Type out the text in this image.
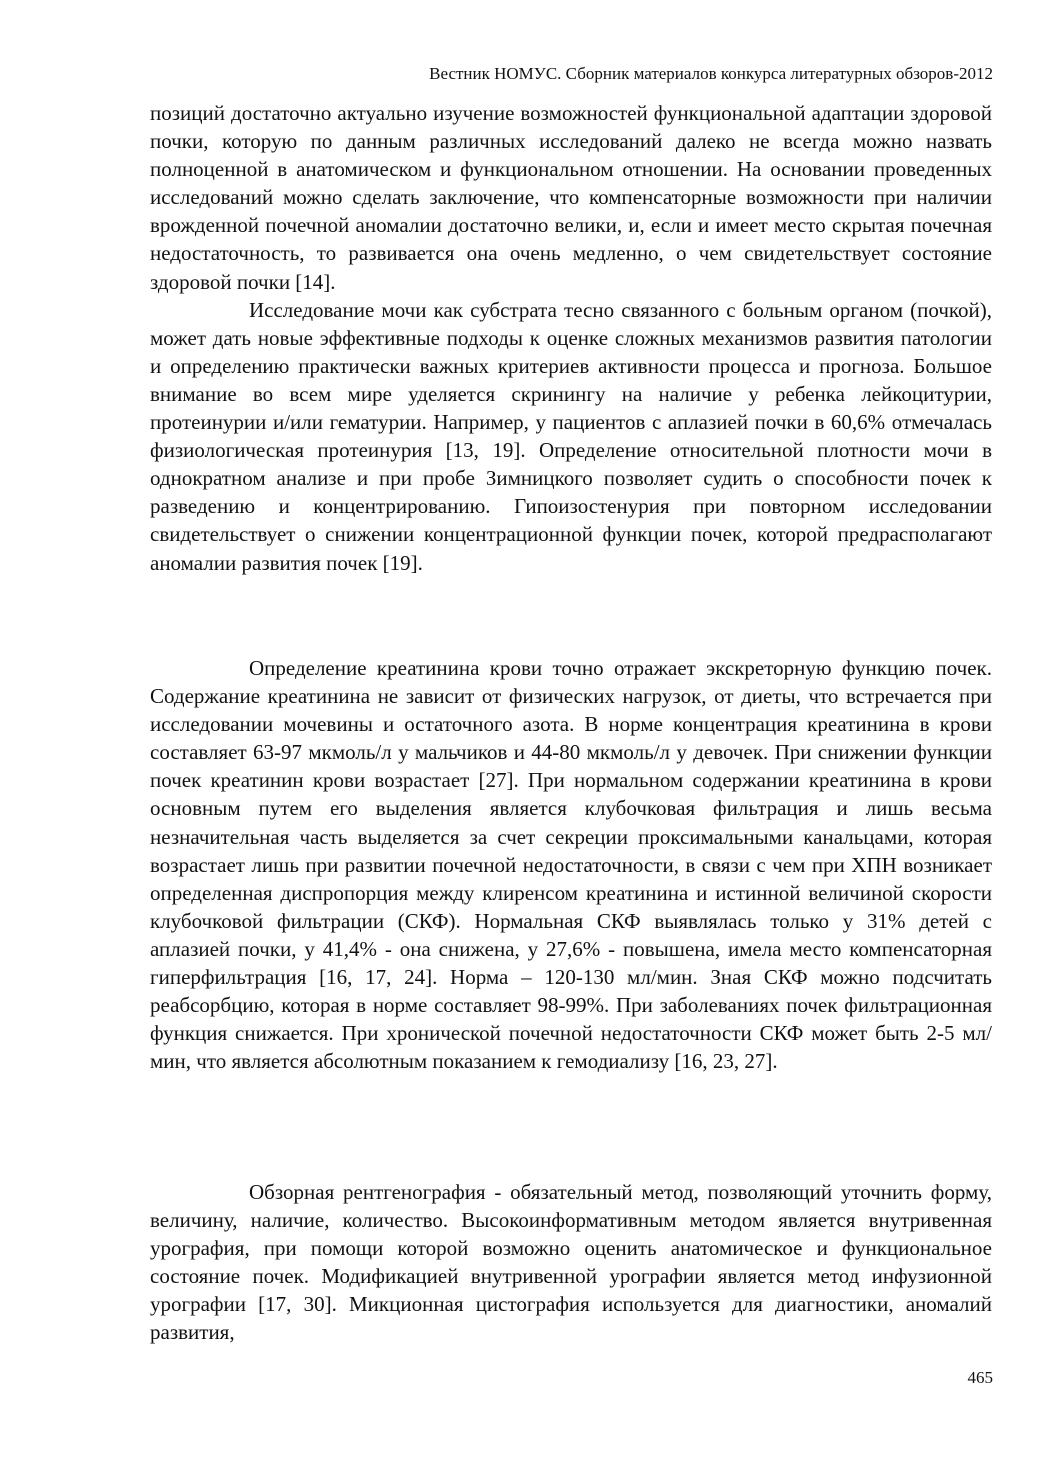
Вестник НОМУС. Сборник материалов конкурса литературных обзоров-2012

позиций достаточно актуально изучение возможностей функциональной адаптации здоровой почки, которую по данным различных исследований далеко не всегда можно назвать полноценной в анатомическом и функциональном отношении. На основании проведенных исследований можно сделать заключение, что компенсаторные возможности при наличии врожденной почечной аномалии достаточно велики, и, если и имеет место скрытая почечная недостаточность, то развивается она очень медленно, о чем свидетельствует состояние здоровой почки [14].

Исследование мочи как субстрата тесно связанного с больным органом (почкой), может дать новые эффективные подходы к оценке сложных механизмов развития патологии и определению практически важных критериев активности процесса и прогноза. Большое внимание во всем мире уделяется скринингу на наличие у ребенка лейкоцитурии, протеинурии и/или гематурии. Например, у пациентов с аплазией почки в 60,6% отмечалась физиологическая протеинурия [13, 19]. Определение относительной плотности мочи в однократном анализе и при пробе Зимницкого позволяет судить о способности почек к разведению и концентрированию. Гипоизостенурия при повторном исследовании свидетельствует о снижении концентрационной функции почек, которой предрасполагают аномалии развития почек [19].

Определение креатинина крови точно отражает экскреторную функцию почек. Содержание креатинина не зависит от физических нагрузок, от диеты, что встречается при исследовании мочевины и остаточного азота. В норме концентрация креатинина в крови составляет 63-97 мкмоль/л у мальчиков и 44-80 мкмоль/л у девочек. При снижении функции почек креатинин крови возрастает [27]. При нормальном содержании креатинина в крови основным путем его выделения является клубочковая фильтрация и лишь весьма незначительная часть выделяется за счет секреции проксимальными канальцами, которая возрастает лишь при развитии почечной недостаточности, в связи с чем при ХПН возникает определенная диспропорция между клиренсом креатинина и истинной величиной скорости клубочковой фильтрации (СКФ). Нормальная СКФ выявлялась только у 31% детей с аплазией почки, у 41,4% - она снижена, у 27,6% - повышена, имела место компенсаторная гиперфильтрация [16, 17, 24]. Норма – 120-130 мл/мин. Зная СКФ можно подсчитать реабсорбцию, которая в норме составляет 98-99%. При заболеваниях почек фильтрационная функция снижается. При хронической почечной недостаточности СКФ может быть 2-5 мл/мин, что является абсолютным показанием к гемодиализу [16, 23, 27].

Обзорная рентгенография - обязательный метод, позволяющий уточнить форму, величину, наличие, количество. Высокоинформативным методом является внутривенная урография, при помощи которой возможно оценить анатомическое и функциональное состояние почек. Модификацией внутривенной урографии является метод инфузионной урографии [17, 30]. Микционная цистография используется для диагностики, аномалий развития,

465
